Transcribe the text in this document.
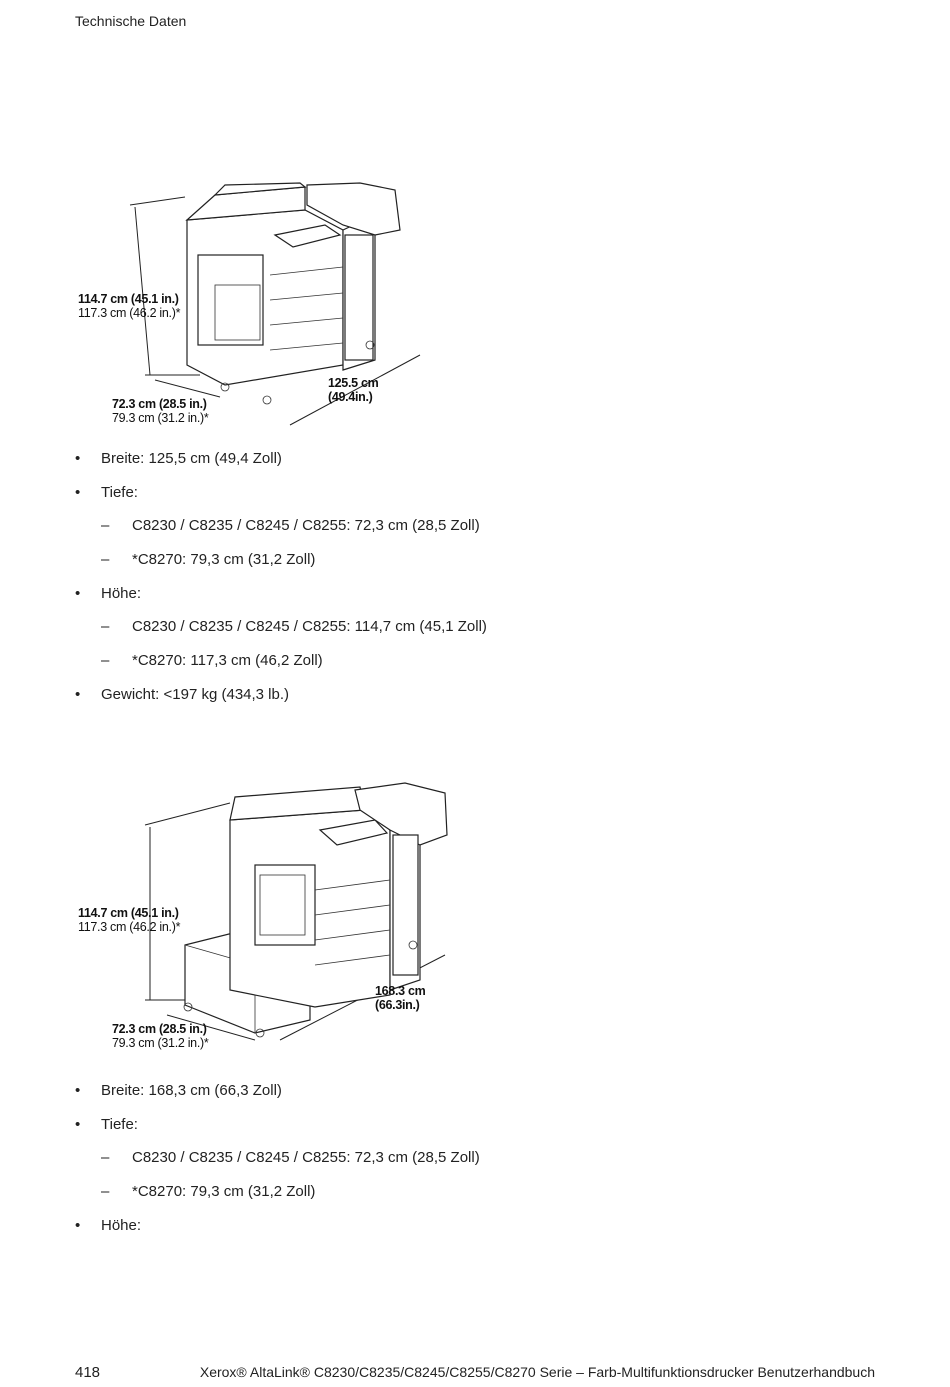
Technische Daten
114.7 cm (45.1 in.)
117.3 cm (46.2 in.)*
72.3 cm (28.5 in.)
79.3 cm (31.2 in.)*
125.5 cm
(49.4in.)
• Breite: 125,5 cm (49,4 Zoll)
• Tiefe:
– C8230 / C8235 / C8245 / C8255: 72,3 cm (28,5 Zoll)
– *C8270: 79,3 cm (31,2 Zoll)
• Höhe:
– C8230 / C8235 / C8245 / C8255: 114,7 cm (45,1 Zoll)
– *C8270: 117,3 cm (46,2 Zoll)
• Gewicht: <197 kg (434,3 lb.)
114.7 cm (45.1 in.)
117.3 cm (46.2 in.)*
72.3 cm (28.5 in.)
79.3 cm (31.2 in.)*
168.3 cm
(66.3in.)
• Breite: 168,3 cm (66,3 Zoll)
• Tiefe:
– C8230 / C8235 / C8245 / C8255: 72,3 cm (28,5 Zoll)
– *C8270: 79,3 cm (31,2 Zoll)
• Höhe:
418	Xerox® AltaLink® C8230/C8235/C8245/C8255/C8270 Serie – Farb-Multifunktionsdrucker Benutzerhandbuch
